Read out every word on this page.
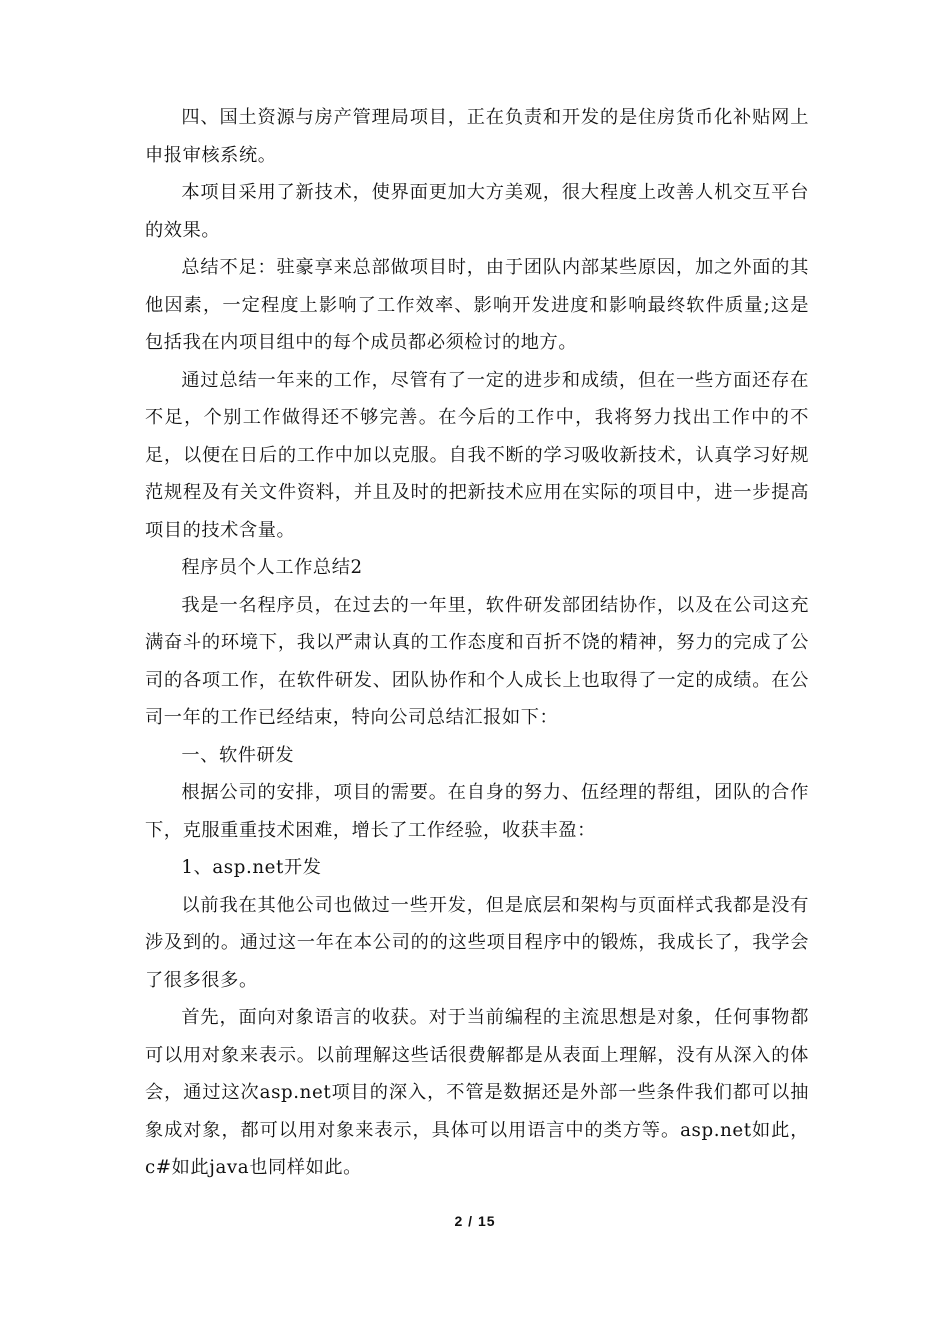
四、国土资源与房产管理局项目，正在负责和开发的是住房货币化补贴网上申报审核系统。

本项目采用了新技术，使界面更加大方美观，很大程度上改善人机交互平台的效果。

总结不足：驻豪享来总部做项目时，由于团队内部某些原因，加之外面的其他因素，一定程度上影响了工作效率、影响开发进度和影响最终软件质量;这是包括我在内项目组中的每个成员都必须检讨的地方。

通过总结一年来的工作，尽管有了一定的进步和成绩，但在一些方面还存在不足，个别工作做得还不够完善。在今后的工作中，我将努力找出工作中的不足，以便在日后的工作中加以克服。自我不断的学习吸收新技术，认真学习好规范规程及有关文件资料，并且及时的把新技术应用在实际的项目中，进一步提高项目的技术含量。

程序员个人工作总结2

我是一名程序员，在过去的一年里，软件研发部团结协作，以及在公司这充满奋斗的环境下，我以严肃认真的工作态度和百折不饶的精神，努力的完成了公司的各项工作，在软件研发、团队协作和个人成长上也取得了一定的成绩。在公司一年的工作已经结束，特向公司总结汇报如下：

一、软件研发

根据公司的安排，项目的需要。在自身的努力、伍经理的帮组，团队的合作下，克服重重技术困难，增长了工作经验，收获丰盈：

1、asp.net开发

以前我在其他公司也做过一些开发，但是底层和架构与页面样式我都是没有涉及到的。通过这一年在本公司的的这些项目程序中的锻炼，我成长了，我学会了很多很多。

首先，面向对象语言的收获。对于当前编程的主流思想是对象，任何事物都可以用对象来表示。以前理解这些话很费解都是从表面上理解，没有从深入的体会，通过这次asp.net项目的深入，不管是数据还是外部一些条件我们都可以抽象成对象，都可以用对象来表示，具体可以用语言中的类方等。asp.net如此，c#如此java也同样如此。

2 / 15
